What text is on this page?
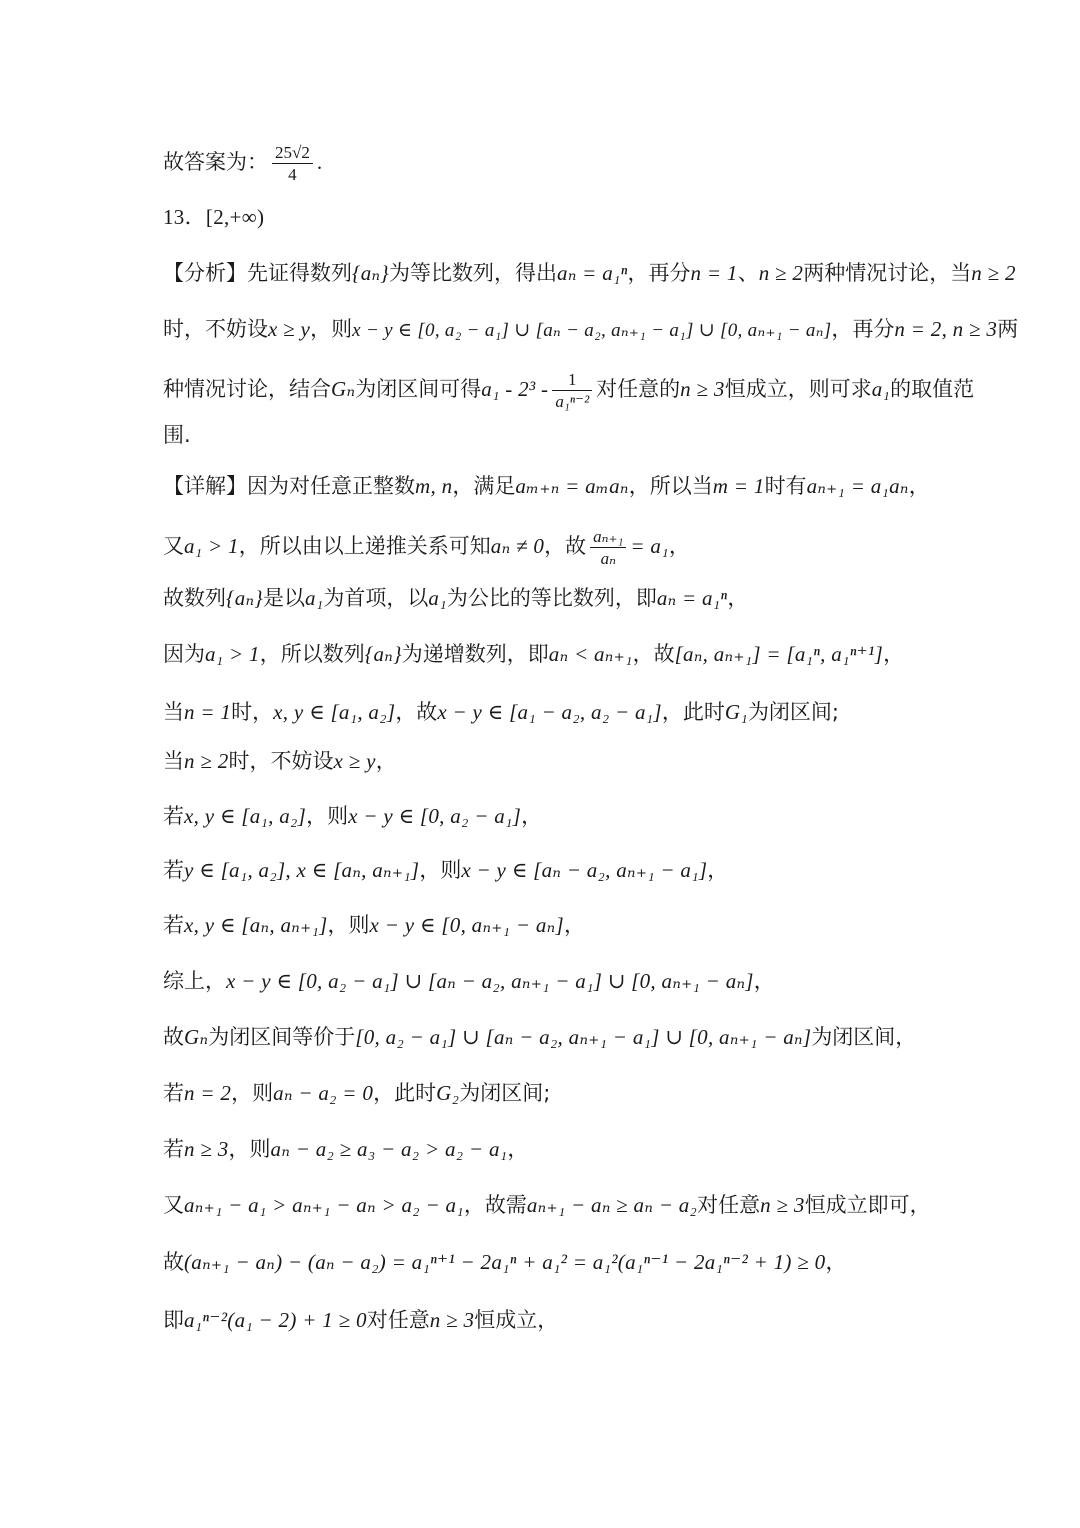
故答案为： $\frac{25√2}{4}$ .
13．[2,+∞)
【分析】先证得数列{aₙ}为等比数列，得出aₙ = a₁ⁿ，再分n = 1、n ≥ 2两种情况讨论，当n ≥ 2
时，不妨设x ≥ y，则x − y ∈ [0, a₂ − a₁] ∪ [aₙ − a₂, aₙ₊₁ − a₁] ∪ [0, aₙ₊₁ − aₙ]，再分n = 2, n ≥ 3两
种情况讨论，结合Gₙ为闭区间可得$a_1 - 2^3 - \frac{1}{\text{a₁ⁿ⁻²}}$ 对任意的n ≥ 3恒成立，则可求a₁的取值范
围.
【详解】因为对任意正整数m, n，满足aₘ₊ₙ = aₘaₙ，所以当m = 1时有aₙ₊₁ = a₁aₙ，
又a₁ > 1，所以由以上递推关系可知aₙ ≠ 0，故 $\frac{\text{aₙ₊₁}}{\text{aₙ}} = a_1$，
故数列{aₙ}是以a₁为首项，以a₁为公比的等比数列，即aₙ = a₁ⁿ，
因为a₁ > 1，所以数列{aₙ}为递增数列，即aₙ < aₙ₊₁，故[aₙ, aₙ₊₁] = [a₁ⁿ, a₁ⁿ⁺¹]，
当n = 1时，x, y ∈ [a₁, a₂]，故x − y ∈ [a₁ − a₂, a₂ − a₁]，此时G₁为闭区间;
当n ≥ 2时，不妨设x ≥ y，
若x, y ∈ [a₁, a₂]，则x − y ∈ [0, a₂ − a₁]，
若y ∈ [a₁, a₂], x ∈ [aₙ, aₙ₊₁]，则x − y ∈ [aₙ − a₂, aₙ₊₁ − a₁]，
若x, y ∈ [aₙ, aₙ₊₁]，则x − y ∈ [0, aₙ₊₁ − aₙ]，
综上，x − y ∈ [0, a₂ − a₁] ∪ [aₙ − a₂, aₙ₊₁ − a₁] ∪ [0, aₙ₊₁ − aₙ]，
故Gₙ为闭区间等价于[0, a₂ − a₁] ∪ [aₙ − a₂, aₙ₊₁ − a₁] ∪ [0, aₙ₊₁ − aₙ]为闭区间，
若n = 2，则aₙ − a₂ = 0，此时G₂为闭区间;
若n ≥ 3，则aₙ − a₂ ≥ a₃ − a₂ > a₂ − a₁，
又aₙ₊₁ − a₁ > aₙ₊₁ − aₙ > a₂ − a₁，故需aₙ₊₁ − aₙ ≥ aₙ − a₂对任意n ≥ 3恒成立即可，
故(aₙ₊₁ − aₙ) − (aₙ − a₂) = a₁ⁿ⁺¹ − 2a₁ⁿ + a₁² = a₁²(a₁ⁿ⁻¹ − 2a₁ⁿ⁻² + 1) ≥ 0，
即a₁ⁿ⁻²(a₁ − 2) + 1 ≥ 0对任意n ≥ 3恒成立，
